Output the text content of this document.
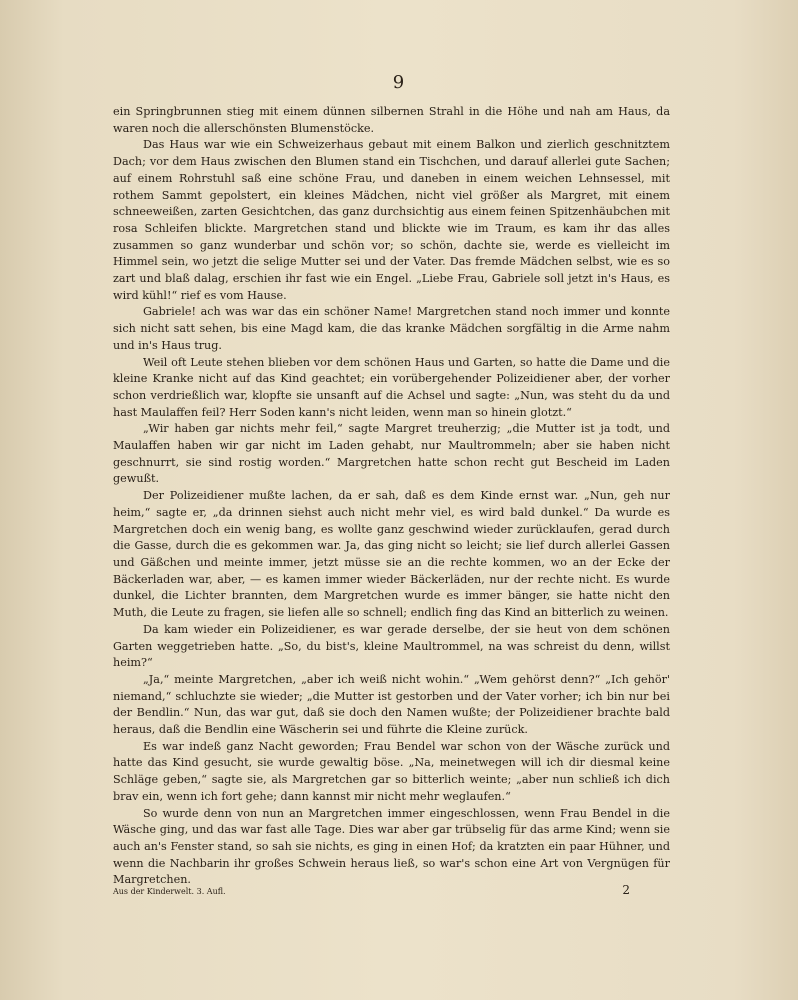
9

ein Springbrunnen stieg mit einem dünnen silbernen Strahl in die Höhe und nah am Haus, da waren noch die allerschönsten Blumenstöcke.

Das Haus war wie ein Schweizerhaus gebaut mit einem Balkon und zierlich geschnitztem Dach; vor dem Haus zwischen den Blumen stand ein Tischchen, und darauf allerlei gute Sachen; auf einem Rohrstuhl saß eine schöne Frau, und daneben in einem weichen Lehnsessel, mit rothem Sammt gepolstert, ein kleines Mädchen, nicht viel größer als Margret, mit einem schneeweißen, zarten Gesichtchen, das ganz durchsichtig aus einem feinen Spitzenhäubchen mit rosa Schleifen blickte. Margretchen stand und blickte wie im Traum, es kam ihr das alles zusammen so ganz wunderbar und schön vor; so schön, dachte sie, werde es vielleicht im Himmel sein, wo jetzt die selige Mutter sei und der Vater. Das fremde Mädchen selbst, wie es so zart und blaß dalag, erschien ihr fast wie ein Engel. „Liebe Frau, Gabriele soll jetzt in's Haus, es wird kühl!“ rief es vom Hause.

Gabriele! ach was war das ein schöner Name! Margretchen stand noch immer und konnte sich nicht satt sehen, bis eine Magd kam, die das kranke Mädchen sorgfältig in die Arme nahm und in's Haus trug.

Weil oft Leute stehen blieben vor dem schönen Haus und Garten, so hatte die Dame und die kleine Kranke nicht auf das Kind geachtet; ein vorübergehender Polizeidiener aber, der vorher schon verdrießlich war, klopfte sie unsanft auf die Achsel und sagte: „Nun, was steht du da und hast Maulaffen feil? Herr Soden kann's nicht leiden, wenn man so hinein glotzt.“

„Wir haben gar nichts mehr feil,“ sagte Margret treuherzig; „die Mutter ist ja todt, und Maulaffen haben wir gar nicht im Laden gehabt, nur Maultrommeln; aber sie haben nicht geschnurrt, sie sind rostig worden.“ Margretchen hatte schon recht gut Bescheid im Laden gewußt.

Der Polizeidiener mußte lachen, da er sah, daß es dem Kinde ernst war. „Nun, geh nur heim,“ sagte er, „da drinnen siehst auch nicht mehr viel, es wird bald dunkel.“ Da wurde es Margretchen doch ein wenig bang, es wollte ganz geschwind wieder zurücklaufen, gerad durch die Gasse, durch die es gekommen war. Ja, das ging nicht so leicht; sie lief durch allerlei Gassen und Gäßchen und meinte immer, jetzt müsse sie an die rechte kommen, wo an der Ecke der Bäckerladen war, aber, — es kamen immer wieder Bäckerläden, nur der rechte nicht. Es wurde dunkel, die Lichter brannten, dem Margretchen wurde es immer bänger, sie hatte nicht den Muth, die Leute zu fragen, sie liefen alle so schnell; endlich fing das Kind an bitterlich zu weinen.

Da kam wieder ein Polizeidiener, es war gerade derselbe, der sie heut von dem schönen Garten weggetrieben hatte. „So, du bist's, kleine Maultrommel, na was schreist du denn, willst heim?“

„Ja,“ meinte Margretchen, „aber ich weiß nicht wohin.“ „Wem gehörst denn?“ „Ich gehör' niemand,“ schluchzte sie wieder; „die Mutter ist gestorben und der Vater vorher; ich bin nur bei der Bendlin.“ Nun, das war gut, daß sie doch den Namen wußte; der Polizeidiener brachte bald heraus, daß die Bendlin eine Wäscherin sei und führte die Kleine zurück.

Es war indeß ganz Nacht geworden; Frau Bendel war schon von der Wäsche zurück und hatte das Kind gesucht, sie wurde gewaltig böse. „Na, meinetwegen will ich dir diesmal keine Schläge geben,“ sagte sie, als Margretchen gar so bitterlich weinte; „aber nun schließ ich dich brav ein, wenn ich fort gehe; dann kannst mir nicht mehr weglaufen.“

So wurde denn von nun an Margretchen immer eingeschlossen, wenn Frau Bendel in die Wäsche ging, und das war fast alle Tage. Dies war aber gar trübselig für das arme Kind; wenn sie auch an's Fenster stand, so sah sie nichts, es ging in einen Hof; da kratzten ein paar Hühner, und wenn die Nachbarin ihr großes Schwein heraus ließ, so war's schon eine Art von Vergnügen für Margretchen.

Aus der Kinderwelt. 3. Aufl.	2
